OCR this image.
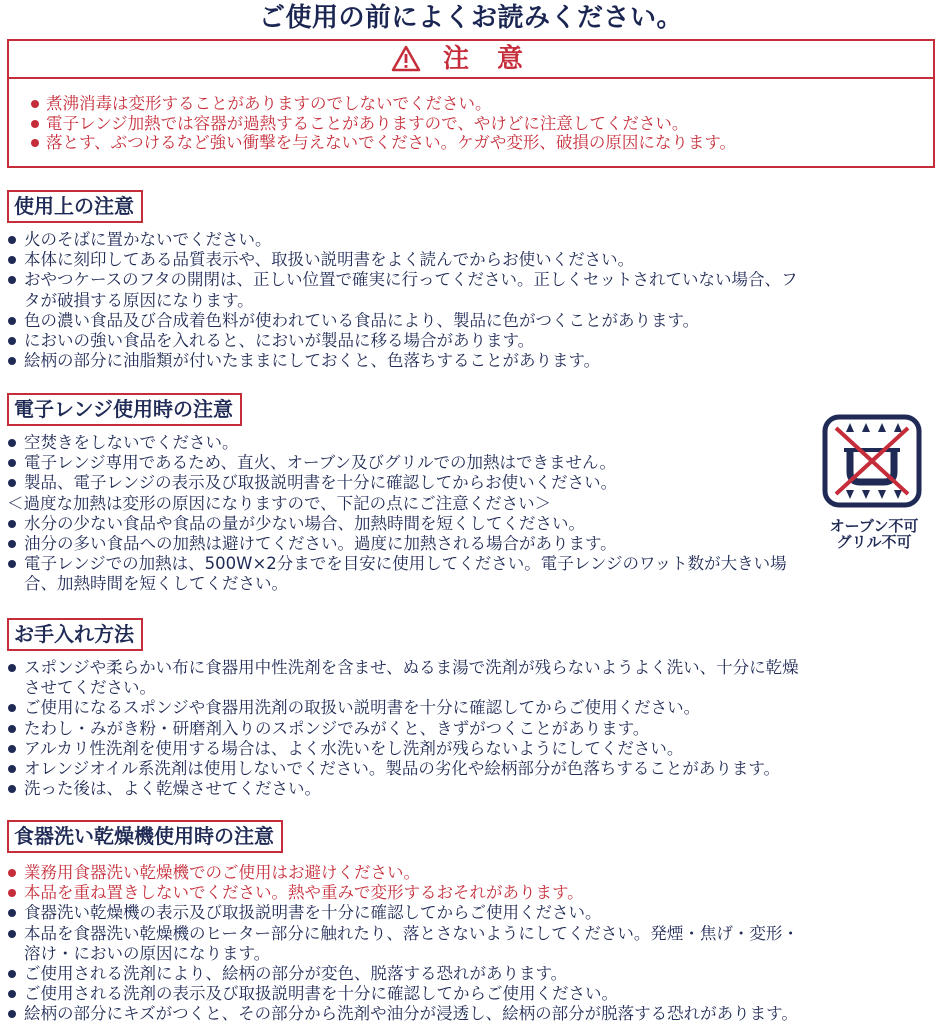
ご使用の前によくお読みください。
注意
煮沸消毒は変形することがありますのでしないでください。
電子レンジ加熱では容器が過熱することがありますので、やけどに注意してください。
落とす、ぶつけるなど強い衝撃を与えないでください。ケガや変形、破損の原因になります。
使用上の注意
火のそばに置かないでください。
本体に刻印してある品質表示や、取扱い説明書をよく読んでからお使いください。
おやつケースのフタの開閉は、正しい位置で確実に行ってください。正しくセットされていない場合、フ
タが破損する原因になります。
色の濃い食品及び合成着色料が使われている食品により、製品に色がつくことがあります。
においの強い食品を入れると、においが製品に移る場合があります。
絵柄の部分に油脂類が付いたままにしておくと、色落ちすることがあります。
電子レンジ使用時の注意
空焚きをしないでください。
電子レンジ専用であるため、直火、オーブン及びグリルでの加熱はできません。
製品、電子レンジの表示及び取扱説明書を十分に確認してからお使いください。
＜過度な加熱は変形の原因になりますので、下記の点にご注意ください＞
水分の少ない食品や食品の量が少ない場合、加熱時間を短くしてください。
油分の多い食品への加熱は避けてください。過度に加熱される場合があります。
電子レンジでの加熱は、500W×2分までを目安に使用してください。電子レンジのワット数が大きい場
合、加熱時間を短くしてください。
オーブン不可
グリル不可
お手入れ方法
スポンジや柔らかい布に食器用中性洗剤を含ませ、ぬるま湯で洗剤が残らないようよく洗い、十分に乾燥
させてください。
ご使用になるスポンジや食器用洗剤の取扱い説明書を十分に確認してからご使用ください。
たわし・みがき粉・研磨剤入りのスポンジでみがくと、きずがつくことがあります。
アルカリ性洗剤を使用する場合は、よく水洗いをし洗剤が残らないようにしてください。
オレンジオイル系洗剤は使用しないでください。製品の劣化や絵柄部分が色落ちすることがあります。
洗った後は、よく乾燥させてください。
食器洗い乾燥機使用時の注意
業務用食器洗い乾燥機でのご使用はお避けください。
本品を重ね置きしないでください。熱や重みで変形するおそれがあります。
食器洗い乾燥機の表示及び取扱説明書を十分に確認してからご使用ください。
本品を食器洗い乾燥機のヒーター部分に触れたり、落とさないようにしてください。発煙・焦げ・変形・
溶け・においの原因になります。
ご使用される洗剤により、絵柄の部分が変色、脱落する恐れがあります。
ご使用される洗剤の表示及び取扱説明書を十分に確認してからご使用ください。
絵柄の部分にキズがつくと、その部分から洗剤や油分が浸透し、絵柄の部分が脱落する恐れがあります。
